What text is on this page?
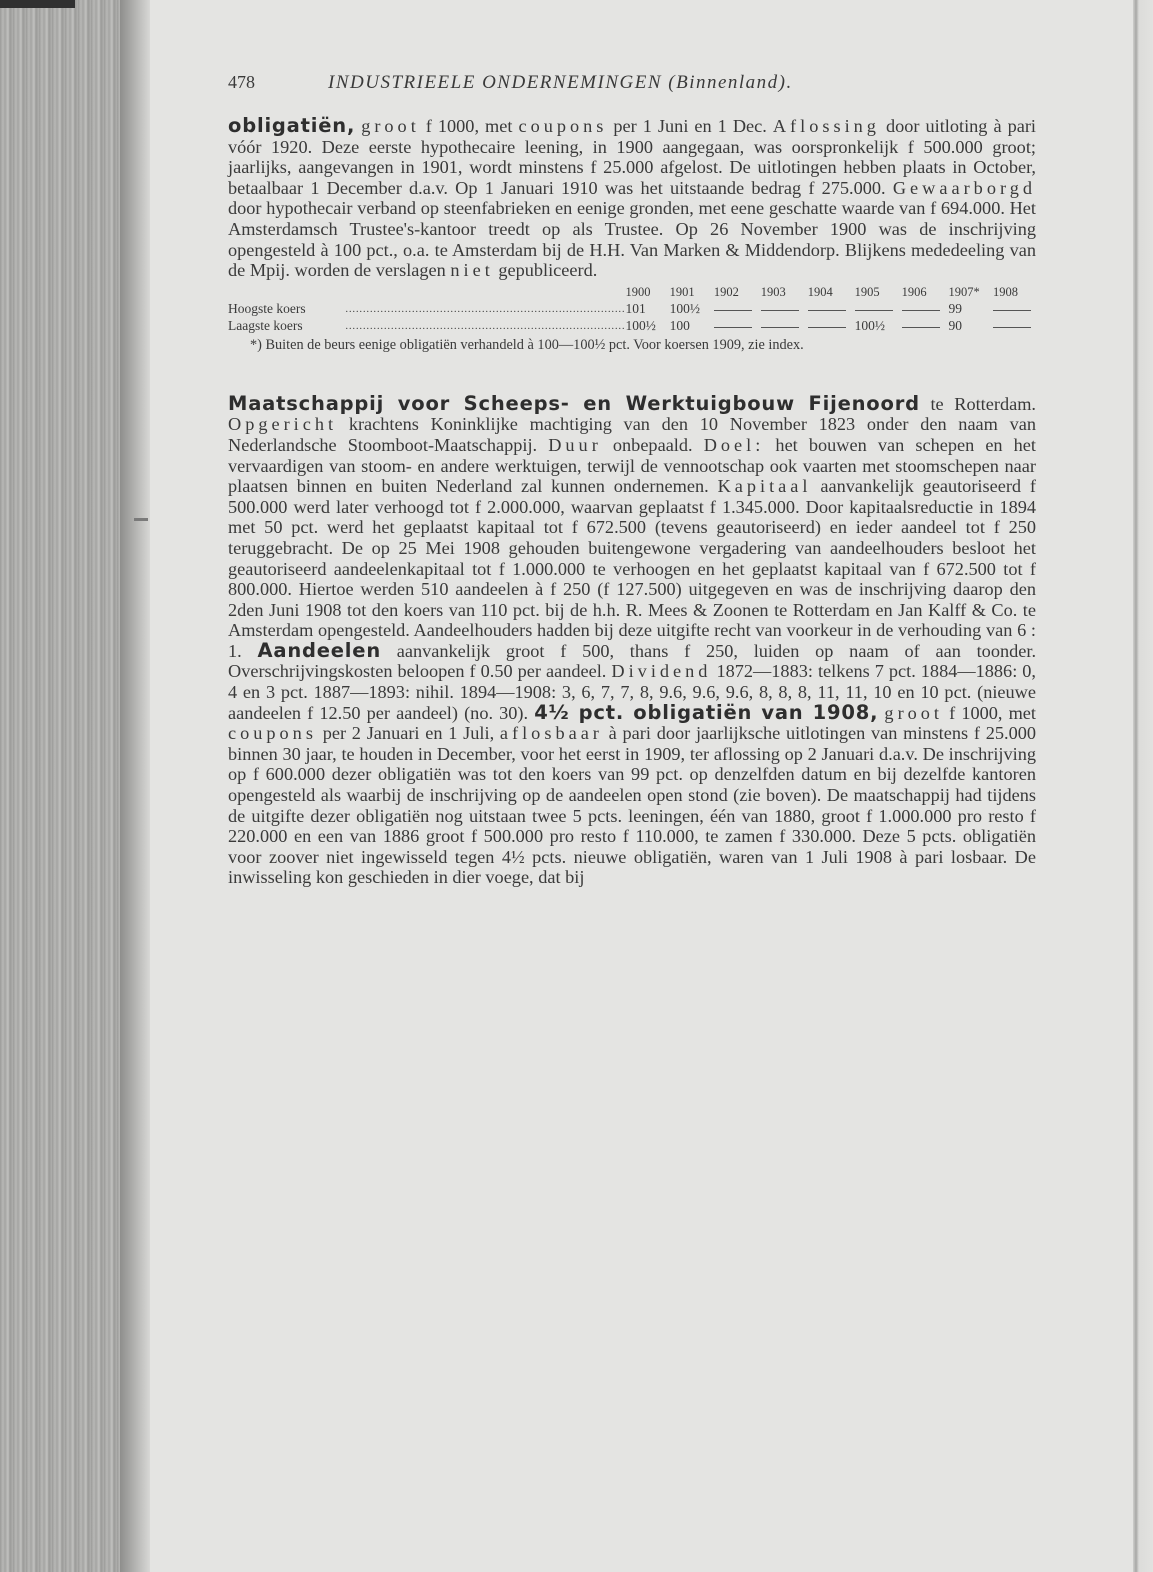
478	INDUSTRIEELE ONDERNEMINGEN (Binnenland).

obligatiën, groot f 1000, met coupons per 1 Juni en 1 Dec. Aflossing door uitloting à pari vóór 1920. Deze eerste hypothecaire leening, in 1900 aangegaan, was oorspronkelijk f 500.000 groot; jaarlijks, aangevangen in 1901, wordt minstens f 25.000 afgelost. De uitlotingen hebben plaats in October, betaalbaar 1 December d.a.v. Op 1 Januari 1910 was het uitstaande bedrag f 275.000. Gewaarborgd door hypothecair verband op steenfabrieken en eenige gronden, met eene geschatte waarde van f 694.000. Het Amsterdamsch Trustee's-kantoor treedt op als Trustee. Op 26 November 1900 was de inschrijving opengesteld à 100 pct., o.a. te Amsterdam bij de H.H. Van Marken & Middendorp. Blijkens mededeeling van de Mpij. worden de verslagen niet gepubliceerd.

		1900	1901	1902	1903	1904	1905	1906	1907*	1908
Hoogste koers	................................................................................	101	100½						99	
Laagste koers	................................................................................	100½	100				100½		90	
*) Buiten de beurs eenige obligatiën verhandeld à 100—100½ pct. Voor koersen 1909, zie index.

Maatschappij voor Scheeps- en Werktuigbouw Fijenoord te Rotterdam. Opgericht krachtens Koninklijke machtiging van den 10 November 1823 onder den naam van Nederlandsche Stoomboot-Maatschappij. Duur onbepaald. Doel: het bouwen van schepen en het vervaardigen van stoom- en andere werktuigen, terwijl de vennootschap ook vaarten met stoomschepen naar plaatsen binnen en buiten Nederland zal kunnen ondernemen. Kapitaal aanvankelijk geautoriseerd f 500.000 werd later verhoogd tot f 2.000.000, waarvan geplaatst f 1.345.000. Door kapitaalsreductie in 1894 met 50 pct. werd het geplaatst kapitaal tot f 672.500 (tevens geautoriseerd) en ieder aandeel tot f 250 teruggebracht. De op 25 Mei 1908 gehouden buitengewone vergadering van aandeelhouders besloot het geautoriseerd aandeelenkapitaal tot f 1.000.000 te verhoogen en het geplaatst kapitaal van f 672.500 tot f 800.000. Hiertoe werden 510 aandeelen à f 250 (f 127.500) uitgegeven en was de inschrijving daarop den 2den Juni 1908 tot den koers van 110 pct. bij de h.h. R. Mees & Zoonen te Rotterdam en Jan Kalff & Co. te Amsterdam opengesteld. Aandeelhouders hadden bij deze uitgifte recht van voorkeur in de verhouding van 6 : 1. Aandeelen aanvankelijk groot f 500, thans f 250, luiden op naam of aan toonder. Overschrijvingskosten beloopen f 0.50 per aandeel. Dividend 1872—1883: telkens 7 pct. 1884—1886: 0, 4 en 3 pct. 1887—1893: nihil. 1894—1908: 3, 6, 7, 7, 8, 9.6, 9.6, 9.6, 8, 8, 8, 11, 11, 10 en 10 pct. (nieuwe aandeelen f 12.50 per aandeel) (no. 30). 4½ pct. obligatiën van 1908, groot f 1000, met coupons per 2 Januari en 1 Juli, aflosbaar à pari door jaarlijksche uitlotingen van minstens f 25.000 binnen 30 jaar, te houden in December, voor het eerst in 1909, ter aflossing op 2 Januari d.a.v. De inschrijving op f 600.000 dezer obligatiën was tot den koers van 99 pct. op denzelfden datum en bij dezelfde kantoren opengesteld als waarbij de inschrijving op de aandeelen open stond (zie boven). De maatschappij had tijdens de uitgifte dezer obligatiën nog uitstaan twee 5 pcts. leeningen, één van 1880, groot f 1.000.000 pro resto f 220.000 en een van 1886 groot f 500.000 pro resto f 110.000, te zamen f 330.000. Deze 5 pcts. obligatiën voor zoover niet ingewisseld tegen 4½ pcts. nieuwe obligatiën, waren van 1 Juli 1908 à pari losbaar. De inwisseling kon geschieden in dier voege, dat bij
